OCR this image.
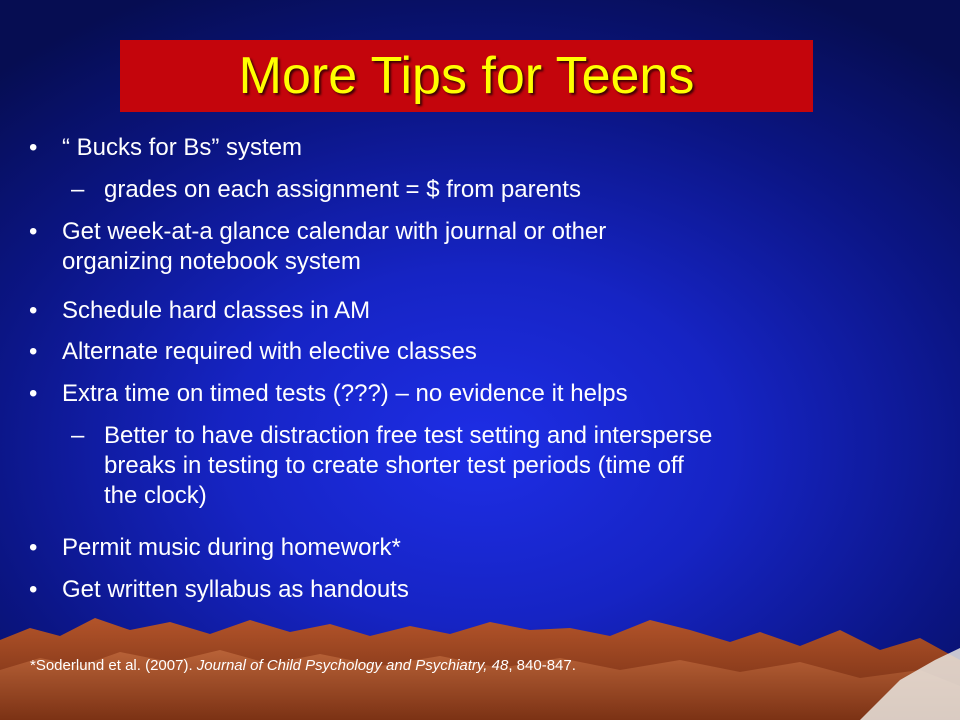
More Tips for Teens
• “ Bucks for Bs” system
– grades on each assignment = $ from parents
• Get week-at-a glance calendar with journal or other
organizing notebook system
• Schedule hard classes in AM
• Alternate required with elective classes
• Extra time on timed tests (???) – no evidence it helps
– Better to have distraction free test setting and intersperse
breaks in testing to create shorter test periods (time off
the clock)
• Permit music during homework*
• Get written syllabus as handouts
*Soderlund et al. (2007). Journal of Child Psychology and Psychiatry, 48, 840-847.
